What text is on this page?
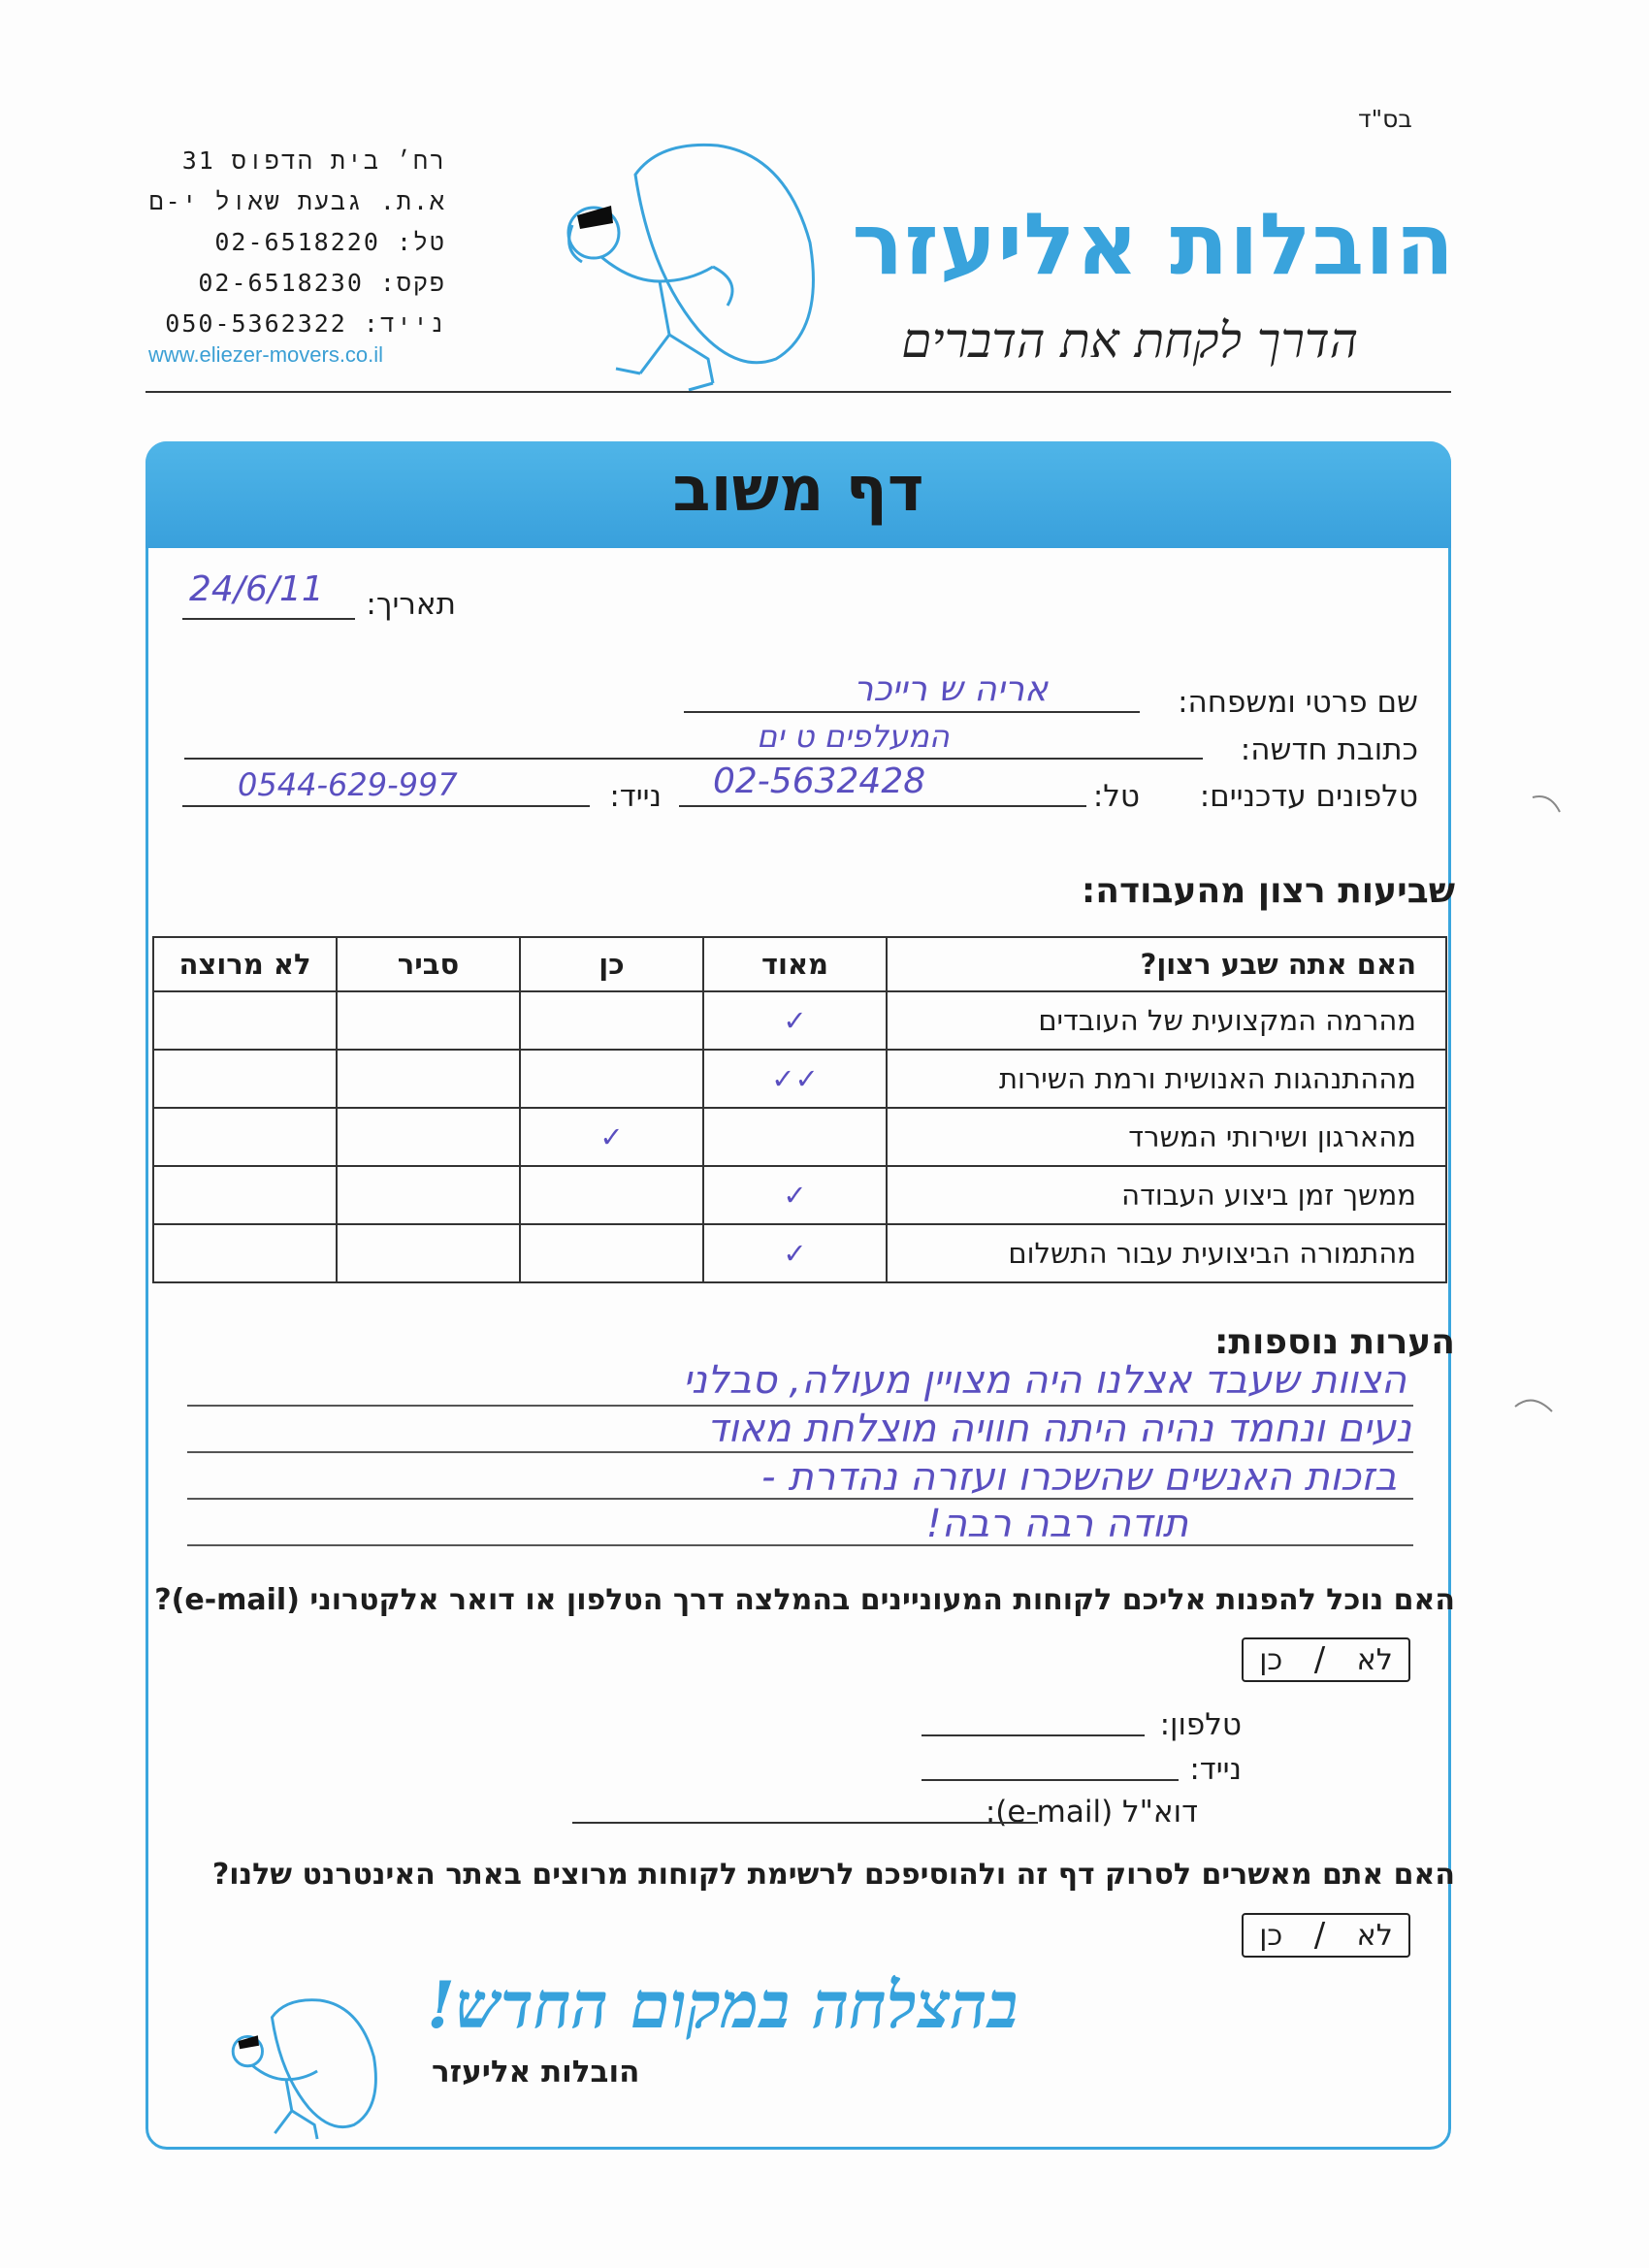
בס"ד
רח׳ בית הדפוס 31
א.ת. גבעת שאול י-ם
טל: 02-6518220
פקס: 02-6518230
נייד: 050-5362322
www.eliezer-movers.co.il
הובלות אליעזר
הדרך לקחת את הדברים
דף משוב
תאריך:
24/6/11
שם פרטי ומשפחה:
אריה ש רייכר
כתובת חדשה:
המעלפים ט ים
טלפונים עדכניים:
טל:
02-5632428
נייד:
0544-629-997
שביעות רצון מהעבודה:
האם אתה שבע רצון?	מאוד	כן	סביר	לא מרוצה
מהרמה המקצועית של העובדים	✓			
מההתנהגות האנושית ורמת השירות	✓✓			
מהארגון ושירותי המשרד		✓		
ממשך זמן ביצוע העבודה	✓			
מהתמורה הביצועית עבור התשלום	✓			
הערות נוספות:
הצוות שעבד אצלנו היה מצויין מעולה, סבלני
נעים ונחמד נהיה היתה חוויה מוצלחת מאוד
בזכות האנשים שהשכרו ועזרה נהדרת -
תודה רבה רבה!
האם נוכל להפנות אליכם לקוחות המעוניינים בהמלצה דרך הטלפון או דואר אלקטרוני (e-mail)?
לא
/
כן
טלפון:
נייד:
דוא"ל (e-mail):
האם אתם מאשרים לסרוק דף זה ולהוסיפכם לרשימת לקוחות מרוצים באתר האינטרנט שלנו?
לא
/
כן
בהצלחה במקום החדש!
הובלות אליעזר
